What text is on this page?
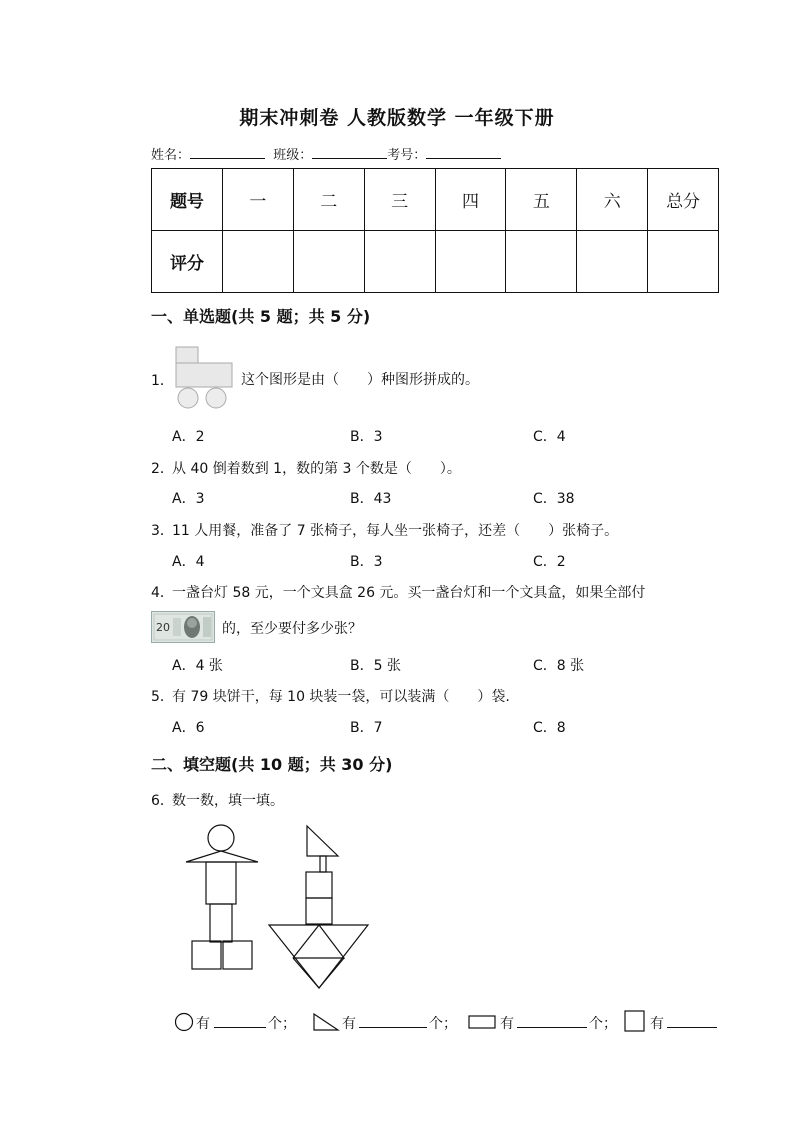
期末冲刺卷 人教版数学 一年级下册
姓名：	班级：	考号：
题号	一	二	三	四	五	六	总分
评分							
一、单选题(共 5 题；共 5 分)
1．	这个图形是由（　　）种图形拼成的。
A．2	B．3	C．4
2．
从 40 倒着数到 1，数的第 3 个数是（　　）。
A．3	B．43	C．38
3．
11 人用餐，准备了 7 张椅子，每人坐一张椅子，还差（　　）张椅子。
A．4	B．3	C．2
4．
一盏台灯 58 元，一个文具盒 26 元。买一盏台灯和一个文具盒，如果全部付
20	的，至少要付多少张？
A．4 张	B．5 张	C．8 张
5．
有 79 块饼干，每 10 块装一袋，可以装满（　　）袋.
A．6	B．7	C．8
二、填空题(共 10 题；共 30 分)
6．
数一数，填一填。
有	个；	有	个；	有	个； 有
